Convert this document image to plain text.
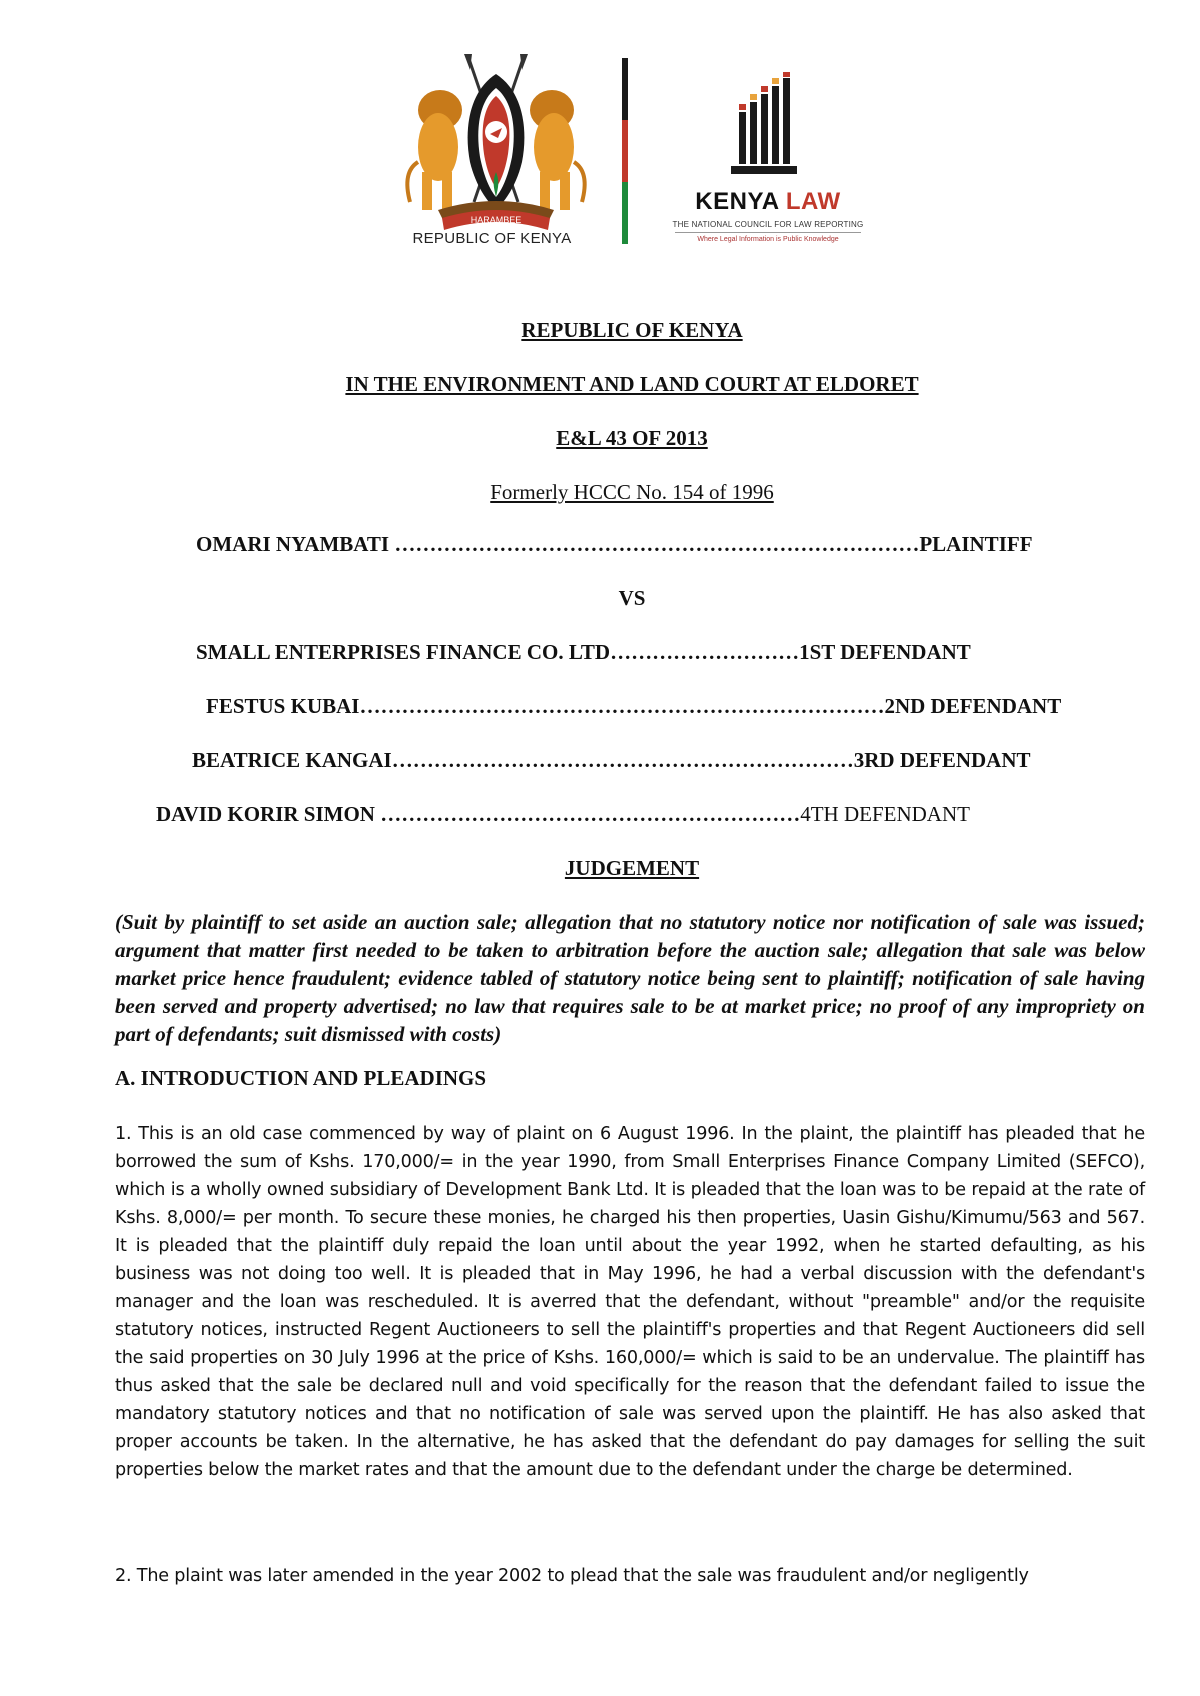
HARAMBEE
REPUBLIC OF KENYA
KENYA LAW
THE NATIONAL COUNCIL FOR LAW REPORTING
Where Legal Information is Public Knowledge

REPUBLIC OF KENYA

IN THE ENVIRONMENT AND LAND COURT AT ELDORET

E&L 43 OF 2013

Formerly HCCC No. 154 of 1996

OMARI NYAMBATI …………………………………………………………………PLAINTIFF

VS

SMALL ENTERPRISES FINANCE CO. LTD………………………1ST DEFENDANT

FESTUS KUBAI…………………………………………………………………2ND DEFENDANT

BEATRICE KANGAI…………………………………………………………3RD DEFENDANT

DAVID KORIR SIMON ……………………………………………………4TH DEFENDANT

JUDGEMENT

(Suit by plaintiff to set aside an auction sale; allegation that no statutory notice nor notification of sale was issued; argument that matter first needed to be taken to arbitration before the auction sale; allegation that sale was below market price hence fraudulent; evidence tabled of statutory notice being sent to plaintiff; notification of sale having been served and property advertised; no law that requires sale to be at market price; no proof of any impropriety on part of defendants; suit dismissed with costs)

A. INTRODUCTION AND PLEADINGS

1. This is an old case commenced by way of plaint on 6 August 1996. In the plaint, the plaintiff has pleaded that he borrowed the sum of Kshs. 170,000/= in the year 1990, from Small Enterprises Finance Company Limited (SEFCO), which is a wholly owned subsidiary of Development Bank Ltd. It is pleaded that the loan was to be repaid at the rate of Kshs. 8,000/= per month. To secure these monies, he charged his then properties, Uasin Gishu/Kimumu/563 and 567. It is pleaded that the plaintiff duly repaid the loan until about the year 1992, when he started defaulting, as his business was not doing too well. It is pleaded that in May 1996, he had a verbal discussion with the defendant's manager and the loan was rescheduled. It is averred that the defendant, without "preamble" and/or the requisite statutory notices, instructed Regent Auctioneers to sell the plaintiff's properties and that Regent Auctioneers did sell the said properties on 30 July 1996 at the price of Kshs. 160,000/= which is said to be an undervalue. The plaintiff has thus asked that the sale be declared null and void specifically for the reason that the defendant failed to issue the mandatory statutory notices and that no notification of sale was served upon the plaintiff. He has also asked that proper accounts be taken. In the alternative, he has asked that the defendant do pay damages for selling the suit properties below the market rates and that the amount due to the defendant under the charge be determined.

2. The plaint was later amended in the year 2002 to plead that the sale was fraudulent and/or negligently
